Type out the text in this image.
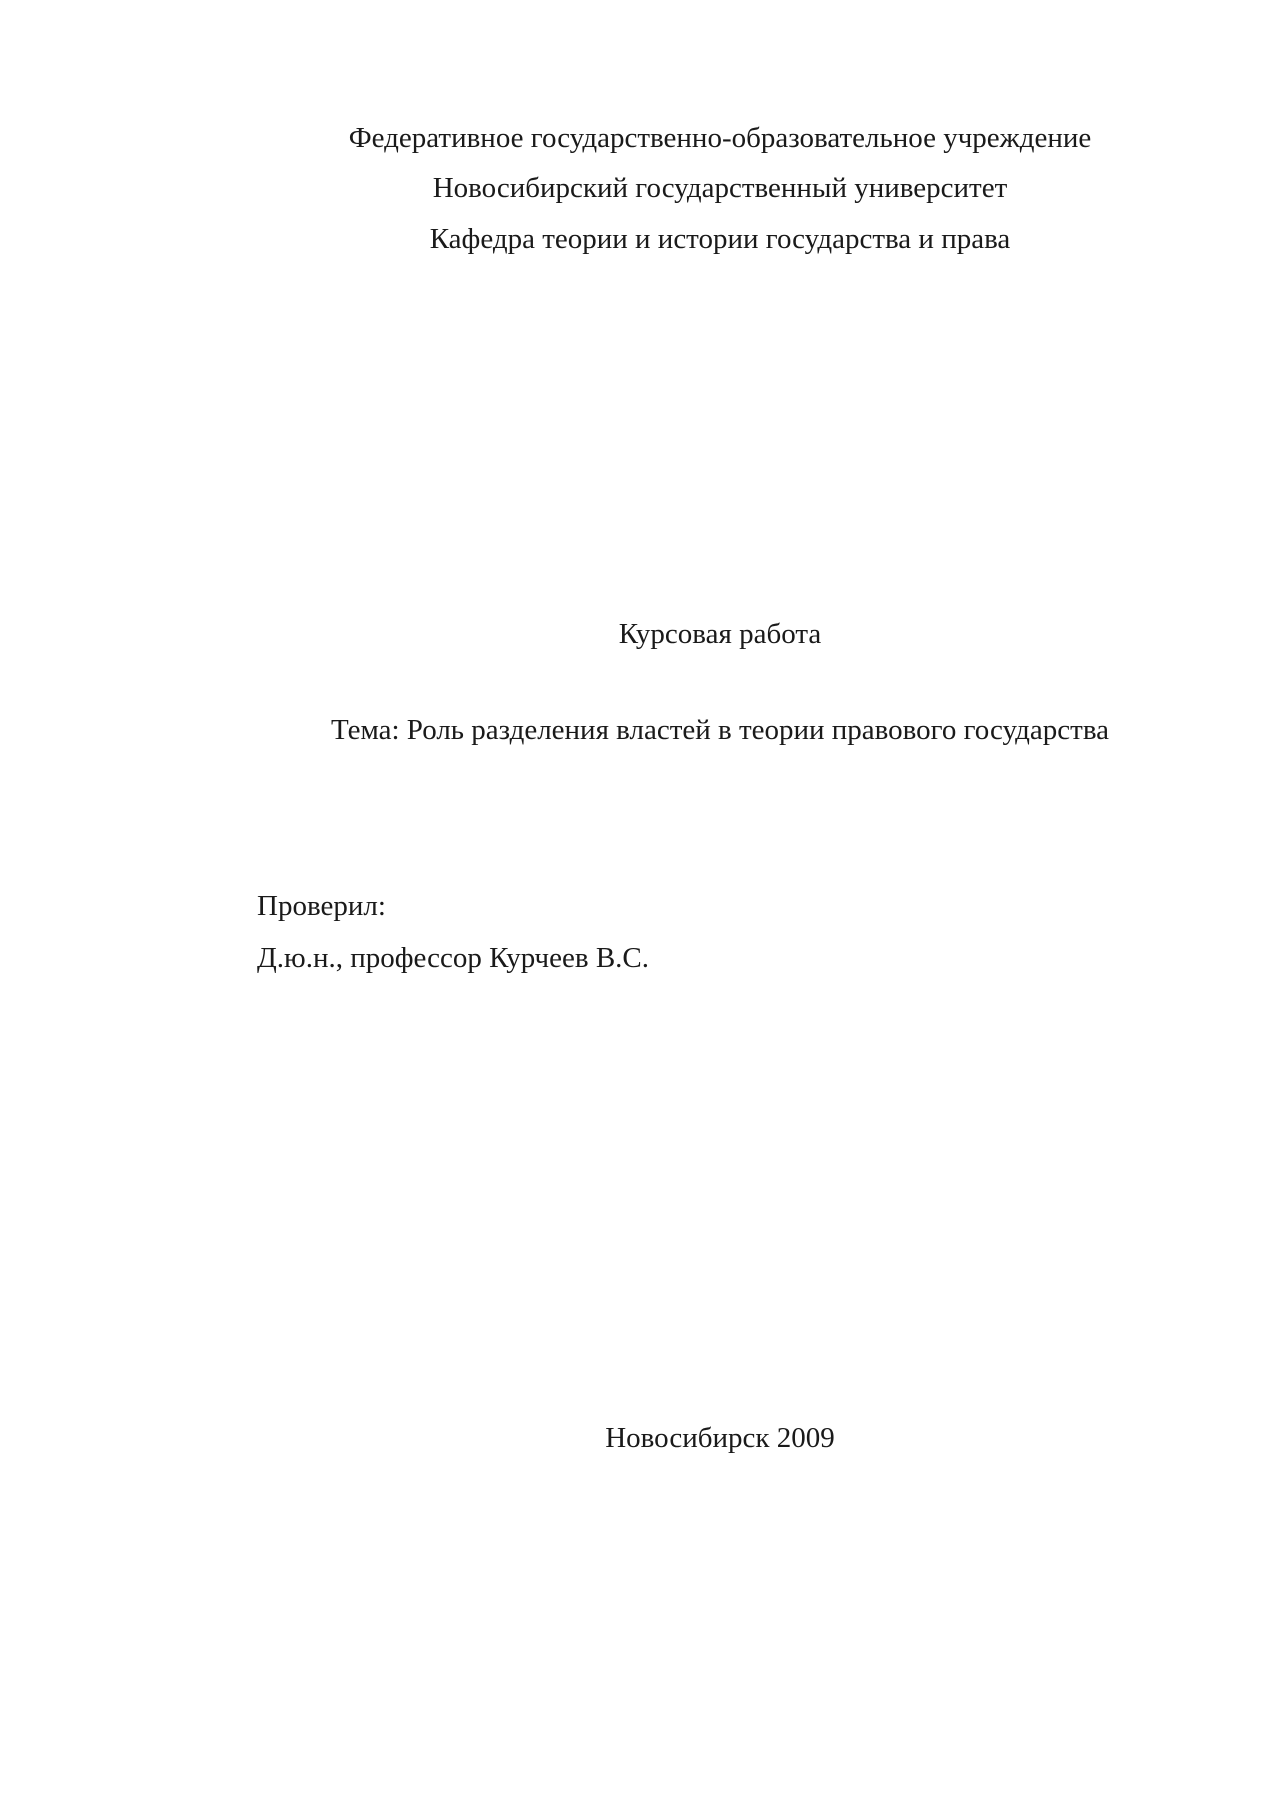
Федеративное государственно-образовательное учреждение
Новосибирский государственный университет
Кафедра теории и истории государства и права
Курсовая работа
Тема: Роль разделения властей в теории правового государства
Проверил:
Д.ю.н., профессор Курчеев В.С.
Новосибирск 2009
